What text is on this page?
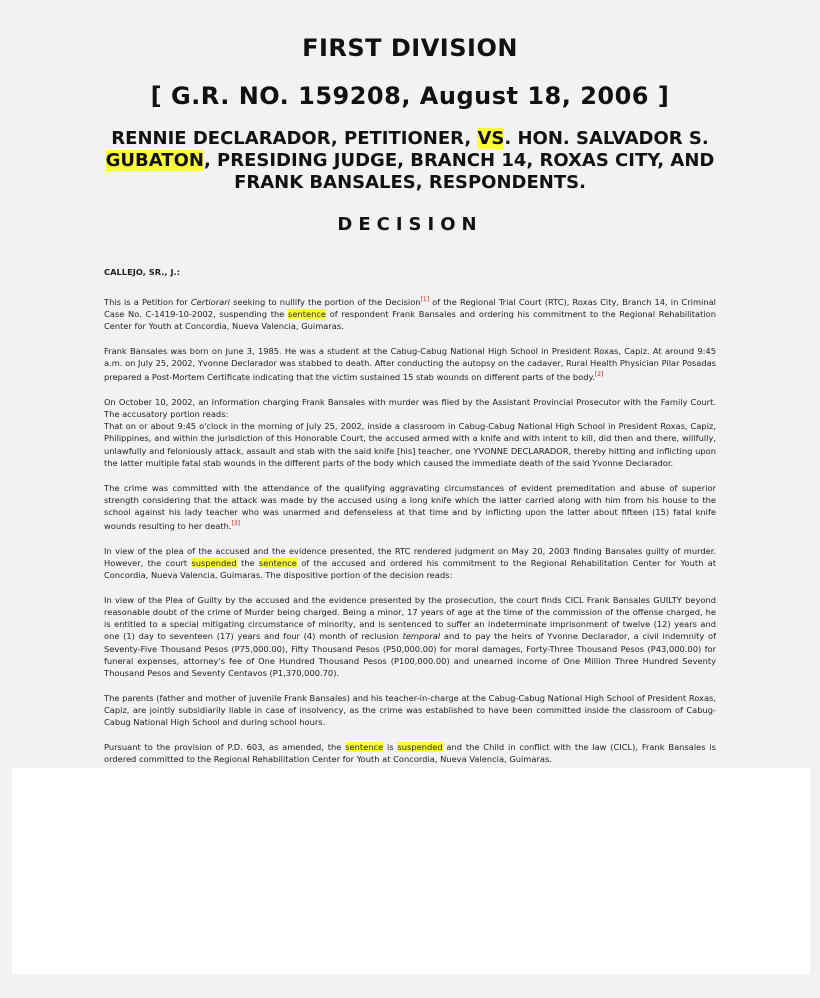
FIRST DIVISION
[ G.R. NO. 159208, August 18, 2006 ]
RENNIE DECLARADOR, PETITIONER, VS. HON. SALVADOR S. GUBATON, PRESIDING JUDGE, BRANCH 14, ROXAS CITY, AND FRANK BANSALES, RESPONDENTS.
DECISION

CALLEJO, SR., J.:

This is a Petition for Certiorari seeking to nullify the portion of the Decision[1] of the Regional Trial Court (RTC), Roxas City, Branch 14, in Criminal Case No. C-1419-10-2002, suspending the sentence of respondent Frank Bansales and ordering his commitment to the Regional Rehabilitation Center for Youth at Concordia, Nueva Valencia, Guimaras.

Frank Bansales was born on June 3, 1985. He was a student at the Cabug-Cabug National High School in President Roxas, Capiz. At around 9:45 a.m. on July 25, 2002, Yvonne Declarador was stabbed to death. After conducting the autopsy on the cadaver, Rural Health Physician Pilar Posadas prepared a Post-Mortem Certificate indicating that the victim sustained 15 stab wounds on different parts of the body.[2]

On October 10, 2002, an Information charging Frank Bansales with murder was filed by the Assistant Provincial Prosecutor with the Family Court. The accusatory portion reads:
That on or about 9:45 o'clock in the morning of July 25, 2002, inside a classroom in Cabug-Cabug National High School in President Roxas, Capiz, Philippines, and within the jurisdiction of this Honorable Court, the accused armed with a knife and with intent to kill, did then and there, willfully, unlawfully and feloniously attack, assault and stab with the said knife [his] teacher, one YVONNE DECLARADOR, thereby hitting and inflicting upon the latter multiple fatal stab wounds in the different parts of the body which caused the immediate death of the said Yvonne Declarador.

The crime was committed with the attendance of the qualifying aggravating circumstances of evident premeditation and abuse of superior strength considering that the attack was made by the accused using a long knife which the latter carried along with him from his house to the school against his lady teacher who was unarmed and defenseless at that time and by inflicting upon the latter about fifteen (15) fatal knife wounds resulting to her death.[3]

In view of the plea of the accused and the evidence presented, the RTC rendered judgment on May 20, 2003 finding Bansales guilty of murder. However, the court suspended the sentence of the accused and ordered his commitment to the Regional Rehabilitation Center for Youth at Concordia, Nueva Valencia, Guimaras. The dispositive portion of the decision reads:

In view of the Plea of Guilty by the accused and the evidence presented by the prosecution, the court finds CICL Frank Bansales GUILTY beyond reasonable doubt of the crime of Murder being charged. Being a minor, 17 years of age at the time of the commission of the offense charged, he is entitled to a special mitigating circumstance of minority, and is sentenced to suffer an indeterminate imprisonment of twelve (12) years and one (1) day to seventeen (17) years and four (4) month of reclusion temporal and to pay the heirs of Yvonne Declarador, a civil indemnity of Seventy-Five Thousand Pesos (P75,000.00), Fifty Thousand Pesos (P50,000.00) for moral damages, Forty-Three Thousand Pesos (P43,000.00) for funeral expenses, attorney's fee of One Hundred Thousand Pesos (P100,000.00) and unearned income of One Million Three Hundred Seventy Thousand Pesos and Seventy Centavos (P1,370,000.70).

The parents (father and mother of juvenile Frank Bansales) and his teacher-in-charge at the Cabug-Cabug National High School of President Roxas, Capiz, are jointly subsidiarily liable in case of insolvency, as the crime was established to have been committed inside the classroom of Cabug-Cabug National High School and during school hours.

Pursuant to the provision of P.D. 603, as amended, the sentence is suspended and the Child in conflict with the law (CICL), Frank Bansales is ordered committed to the Regional Rehabilitation Center for Youth at Concordia, Nueva Valencia, Guimaras.
